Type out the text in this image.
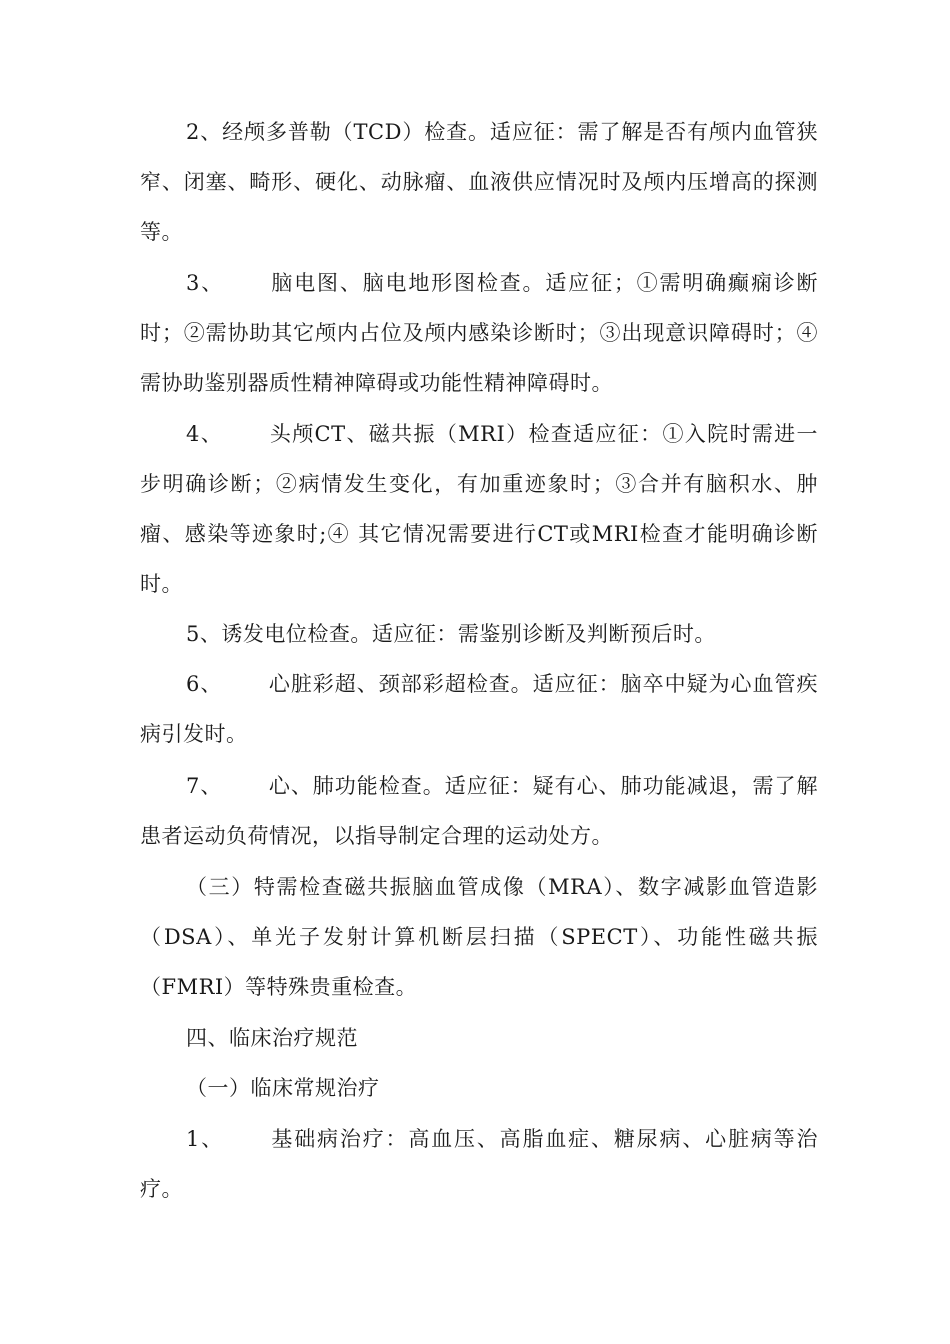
2、经颅多普勒（TCD）检查。适应征：需了解是否有颅内血管狭窄、闭塞、畸形、硬化、动脉瘤、血液供应情况时及颅内压增高的探测等。

3、 脑电图、脑电地形图检查。适应征；①需明确癫痫诊断时；②需协助其它颅内占位及颅内感染诊断时；③出现意识障碍时；④需协助鉴别器质性精神障碍或功能性精神障碍时。

4、 头颅CT、磁共振（MRI）检查适应征：①入院时需进一步明确诊断；②病情发生变化，有加重迹象时；③合并有脑积水、肿瘤、感染等迹象时;④ 其它情况需要进行CT或MRI检查才能明确诊断时。

5、诱发电位检查。适应征：需鉴别诊断及判断预后时。

6、 心脏彩超、颈部彩超检查。适应征：脑卒中疑为心血管疾病引发时。

7、 心、肺功能检查。适应征：疑有心、肺功能减退，需了解患者运动负荷情况，以指导制定合理的运动处方。

（三）特需检查磁共振脑血管成像（MRA）、数字减影血管造影（DSA）、单光子发射计算机断层扫描（SPECT）、功能性磁共振（FMRI）等特殊贵重检查。

四、临床治疗规范

（一）临床常规治疗

1、 基础病治疗：高血压、高脂血症、糖尿病、心脏病等治疗。
